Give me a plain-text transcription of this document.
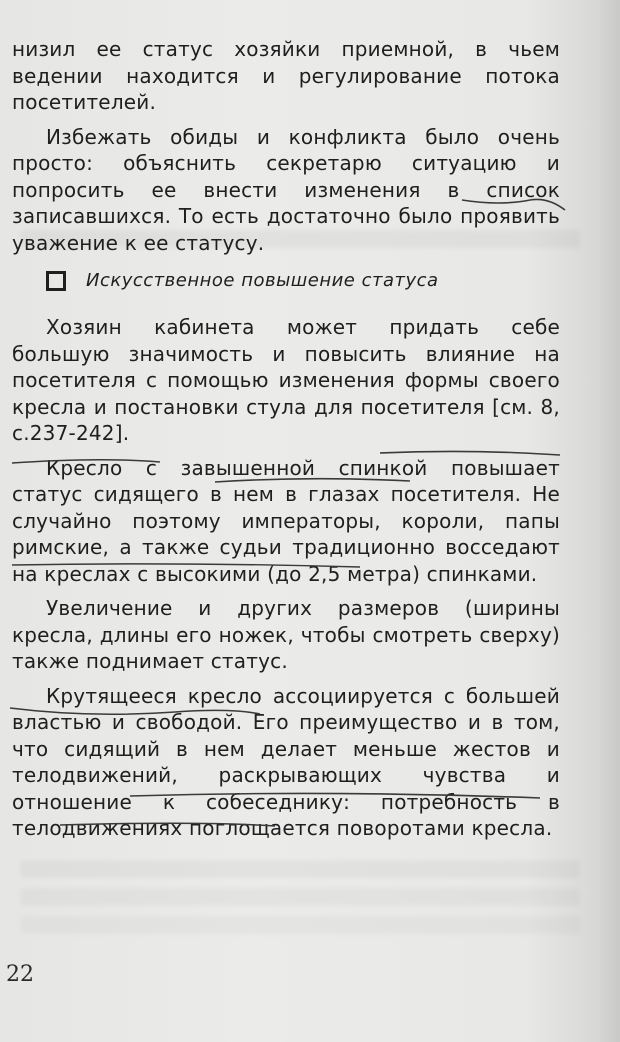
низил ее статус хозяйки приемной, в чьем ведении находится и регулирование потока посетителей.

Избежать обиды и конфликта было очень просто: объяснить секретарю ситуацию и попросить ее внести изменения в список записавшихся. То есть достаточно было проявить уважение к ее статусу.

Искусственное повышение статуса

Хозяин кабинета может придать себе большую значимость и повысить влияние на посетителя с помощью изменения формы своего кресла и постановки стула для посетителя [см. 8, с.237-242].

Кресло с завышенной спинкой повышает статус сидящего в нем в глазах посетителя. Не случайно поэтому императоры, короли, папы римские, а также судьи традиционно восседают на креслах с высокими (до 2,5 метра) спинками.

Увеличение и других размеров (ширины кресла, длины его ножек, чтобы смотреть сверху) также поднимает статус.

Крутящееся кресло ассоциируется с большей властью и свободой. Его преимущество и в том, что сидящий в нем делает меньше жестов и телодвижений, раскрывающих чувства и отношение к собеседнику: потребность в телодвижениях поглощается поворотами кресла.

22
